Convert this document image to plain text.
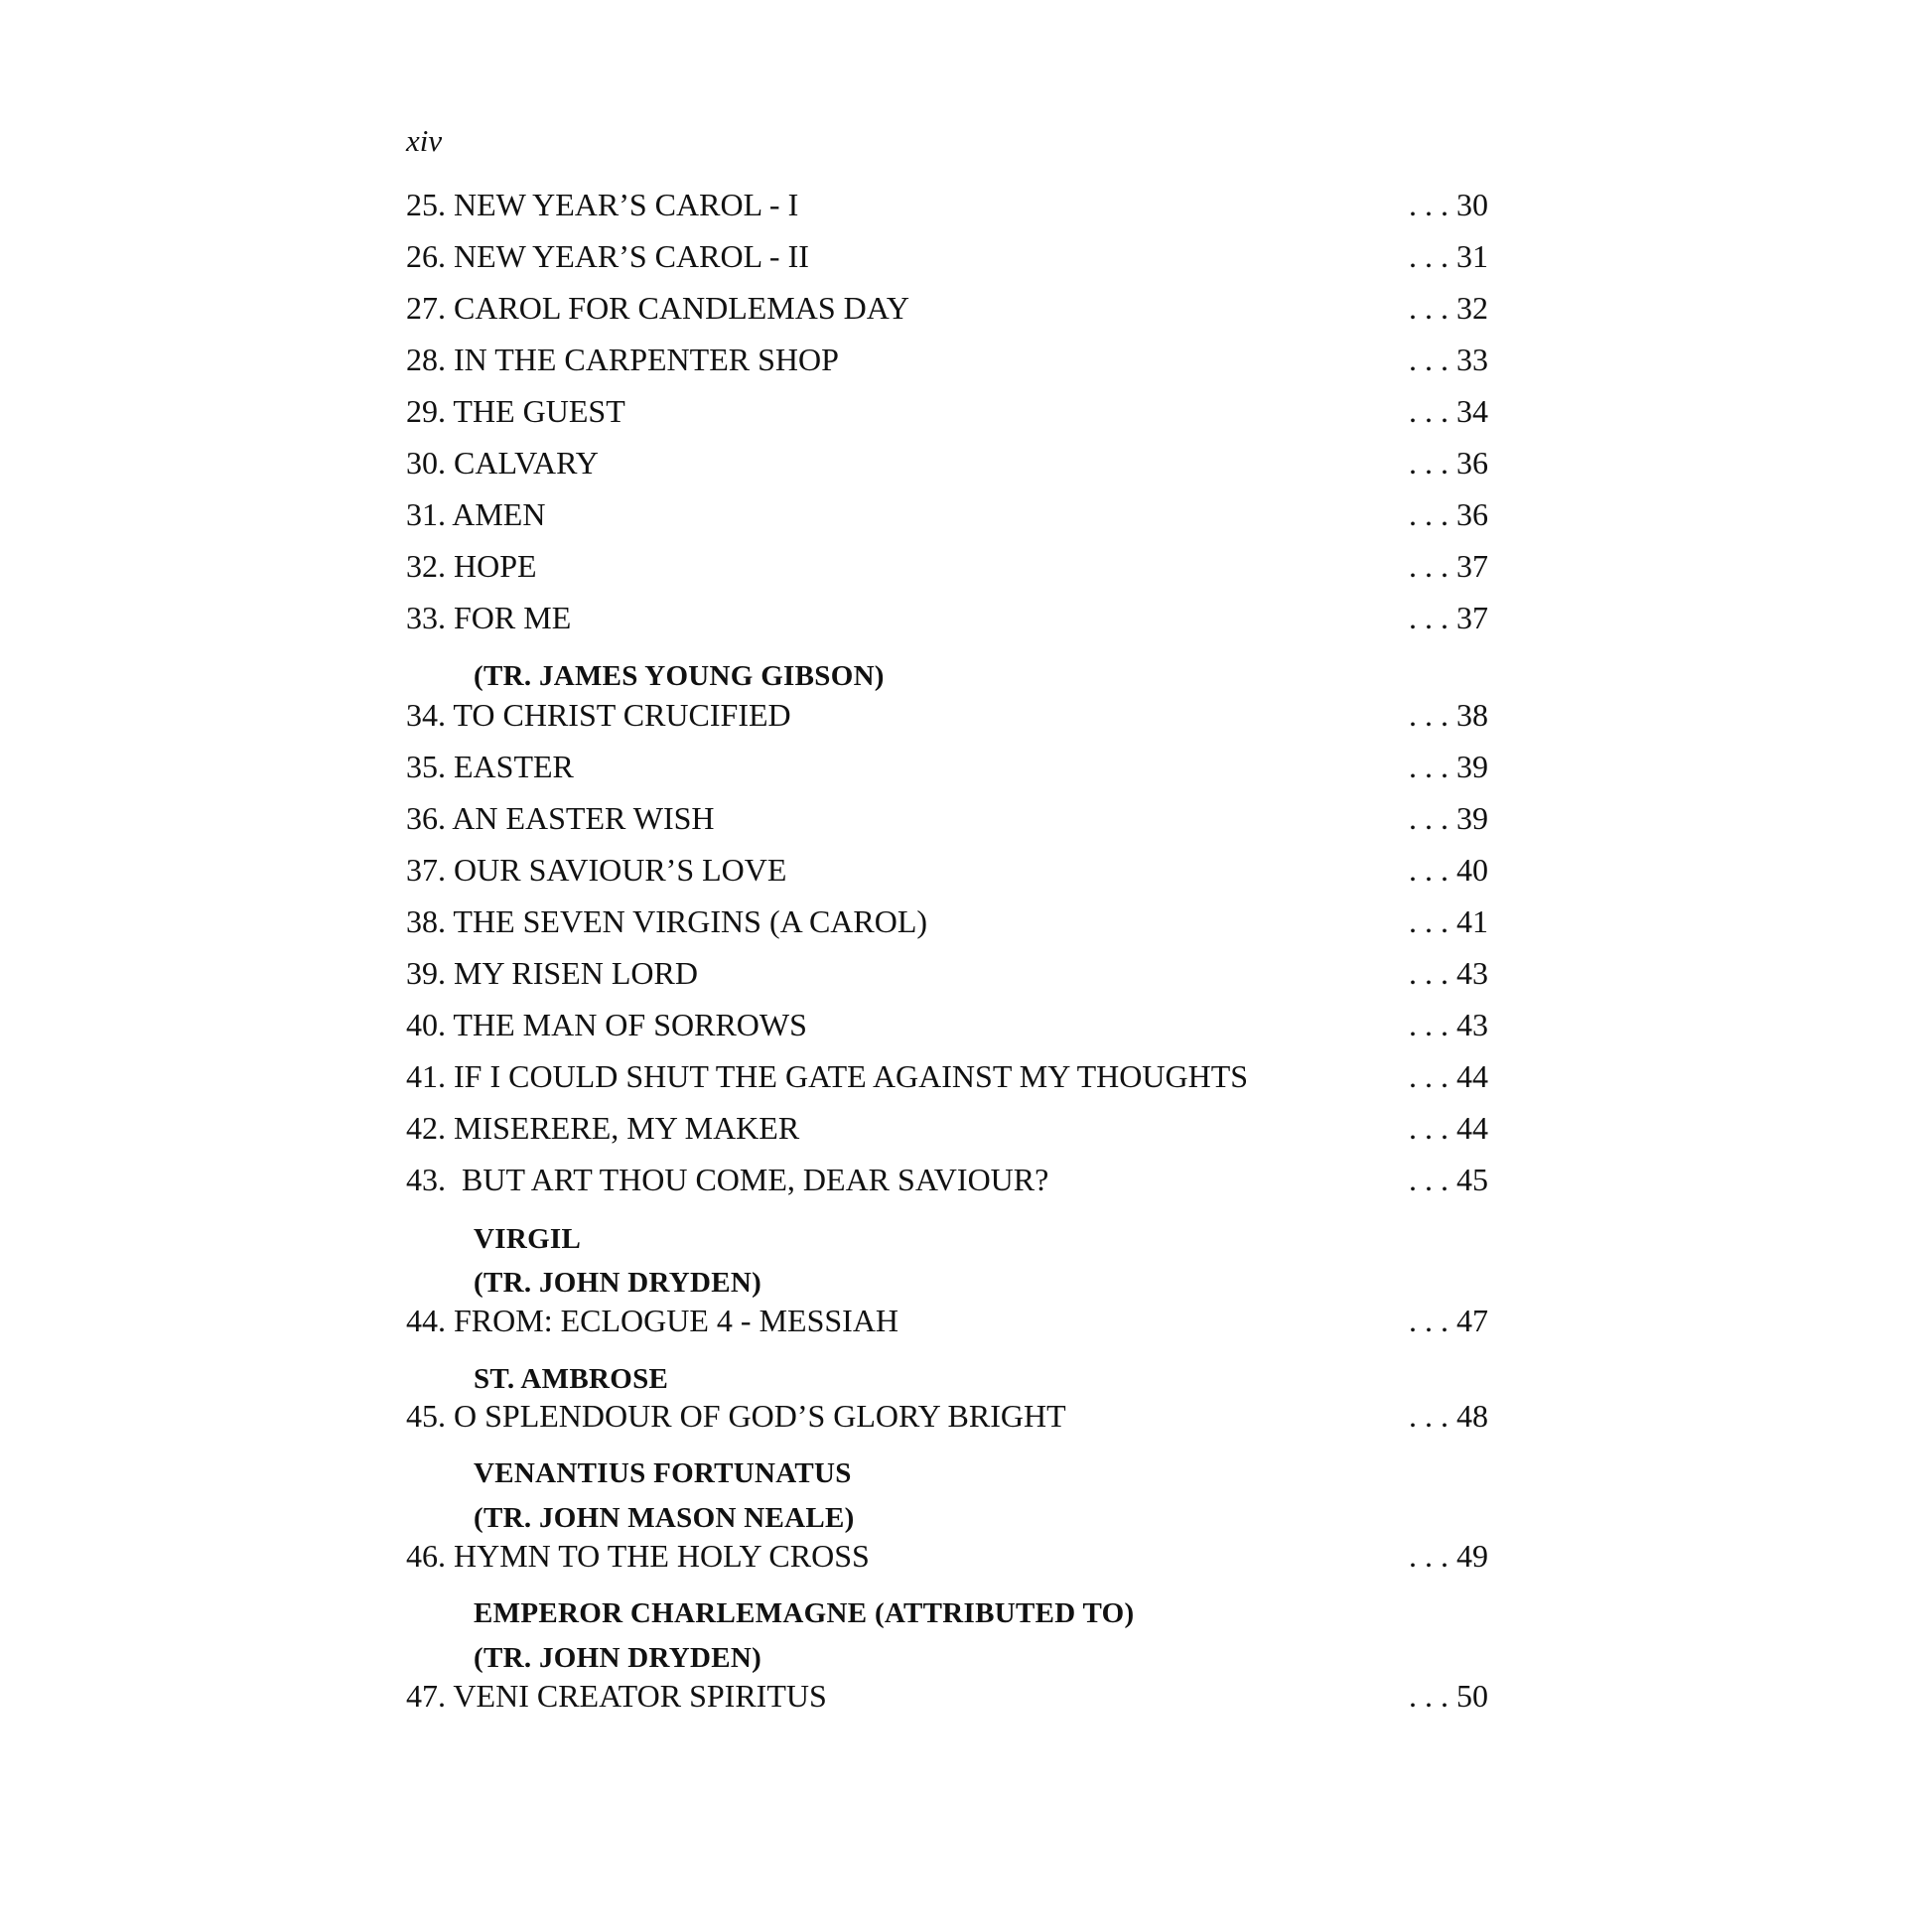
xiv
25. NEW YEAR’S CAROL - I	. . . 30
26. NEW YEAR’S CAROL - II	. . . 31
27. CAROL FOR CANDLEMAS DAY	. . . 32
28. IN THE CARPENTER SHOP	. . . 33
29. THE GUEST	. . . 34
30. CALVARY	. . . 36
31. AMEN	. . . 36
32. HOPE	. . . 37
33. FOR ME	. . . 37
(TR. JAMES YOUNG GIBSON)
34. TO CHRIST CRUCIFIED	. . . 38
35. EASTER	. . . 39
36. AN EASTER WISH	. . . 39
37. OUR SAVIOUR’S LOVE	. . . 40
38. THE SEVEN VIRGINS (A CAROL)	. . . 41
39. MY RISEN LORD	. . . 43
40. THE MAN OF SORROWS	. . . 43
41. IF I COULD SHUT THE GATE AGAINST MY THOUGHTS	. . . 44
42. MISERERE, MY MAKER	. . . 44
43.  BUT ART THOU COME, DEAR SAVIOUR?	. . . 45
VIRGIL
(TR. JOHN DRYDEN)
44. FROM: ECLOGUE 4 - MESSIAH	. . . 47
ST. AMBROSE
45. O SPLENDOUR OF GOD’S GLORY BRIGHT	. . . 48
VENANTIUS FORTUNATUS
(TR. JOHN MASON NEALE)
46. HYMN TO THE HOLY CROSS	. . . 49
EMPEROR CHARLEMAGNE (ATTRIBUTED TO)
(TR. JOHN DRYDEN)
47. VENI CREATOR SPIRITUS	. . . 50
